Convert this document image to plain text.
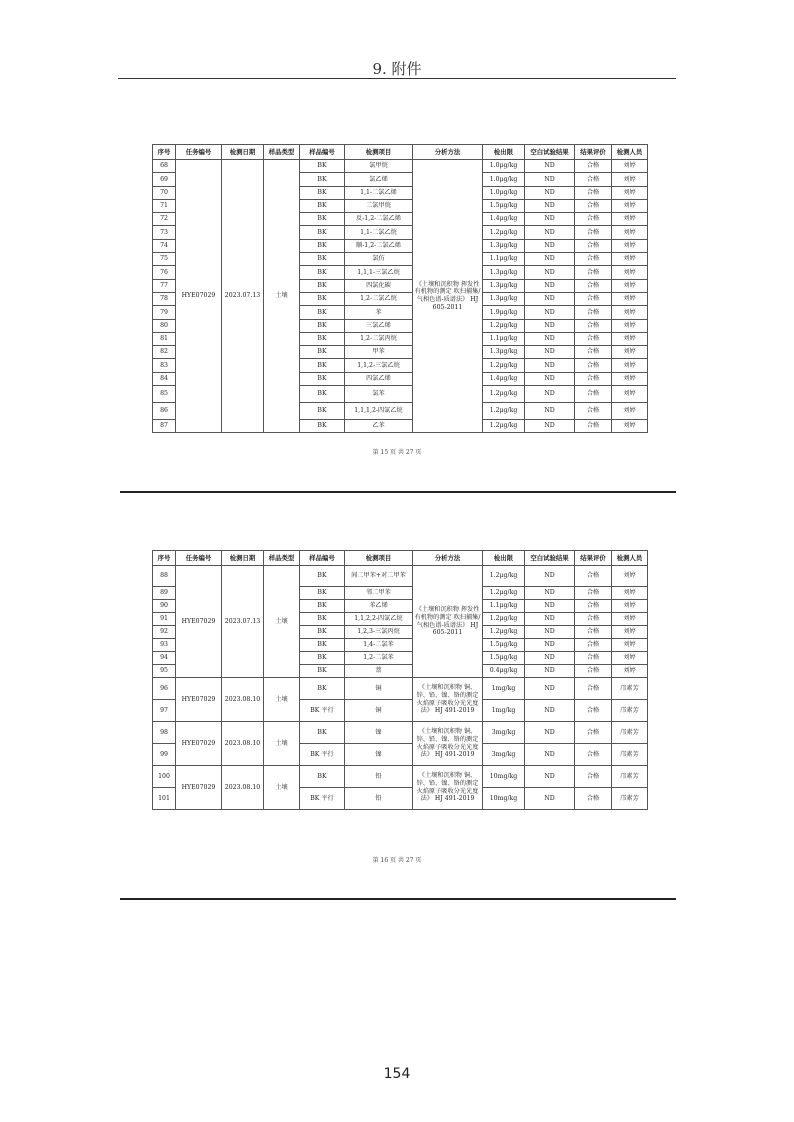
9. 附件
序号	任务编号	检测日期	样品类型	样品编号	检测项目	分析方法	检出限	空白试验结果	结果评价	检测人员
68	HYE07029	2023.07.13	土壤	BK	氯甲烷	《土壤和沉积物 挥发性有机物的测定 吹扫捕集/气相色谱-质谱法》 HJ 605-2011	1.0μg/kg	ND	合格	刘婷
69				BK	氯乙烯		1.0μg/kg	ND	合格	刘婷
70				BK	1,1-二氯乙烯		1.0μg/kg	ND	合格	刘婷
71				BK	二氯甲烷		1.5μg/kg	ND	合格	刘婷
72				BK	反-1,2-二氯乙烯		1.4μg/kg	ND	合格	刘婷
73				BK	1,1-二氯乙烷		1.2μg/kg	ND	合格	刘婷
74				BK	顺-1,2-二氯乙烯		1.3μg/kg	ND	合格	刘婷
75				BK	氯仿		1.1μg/kg	ND	合格	刘婷
76				BK	1,1,1-三氯乙烷		1.3μg/kg	ND	合格	刘婷
77				BK	四氯化碳		1.3μg/kg	ND	合格	刘婷
78				BK	1,2-二氯乙烷		1.3μg/kg	ND	合格	刘婷
79				BK	苯		1.9μg/kg	ND	合格	刘婷
80				BK	三氯乙烯		1.2μg/kg	ND	合格	刘婷
81				BK	1,2-二氯丙烷		1.1μg/kg	ND	合格	刘婷
82				BK	甲苯		1.3μg/kg	ND	合格	刘婷
83				BK	1,1,2-三氯乙烷		1.2μg/kg	ND	合格	刘婷
84				BK	四氯乙烯		1.4μg/kg	ND	合格	刘婷
85				BK	氯苯		1.2μg/kg	ND	合格	刘婷
86				BK	1,1,1,2-四氯乙烷		1.2μg/kg	ND	合格	刘婷
87				BK	乙苯		1.2μg/kg	ND	合格	刘婷
第 15 页 共 27 页
序号	任务编号	检测日期	样品类型	样品编号	检测项目	分析方法	检出限	空白试验结果	结果评价	检测人员
88	HYE07029	2023.07.13	土壤	BK	间二甲苯+对二甲苯	《土壤和沉积物 挥发性有机物的测定 吹扫捕集/气相色谱-质谱法》 HJ 605-2011	1.2μg/kg	ND	合格	刘婷
89				BK	邻二甲苯		1.2μg/kg	ND	合格	刘婷
90				BK	苯乙烯		1.1μg/kg	ND	合格	刘婷
91				BK	1,1,2,2-四氯乙烷		1.2μg/kg	ND	合格	刘婷
92				BK	1,2,3-三氯丙烷		1.2μg/kg	ND	合格	刘婷
93				BK	1,4-二氯苯		1.5μg/kg	ND	合格	刘婷
94				BK	1,2-二氯苯		1.5μg/kg	ND	合格	刘婷
95				BK	萘		0.4μg/kg	ND	合格	刘婷
96	HYE07029	2023.08.10	土壤	BK	铜	《土壤和沉积物 铜、锌、铅、镍、铬的测定 火焰原子吸收分光光度法》 HJ 491-2019	1mg/kg	ND	合格	邝素芳
97				BK 平行	铜		1mg/kg	ND	合格	邝素芳
98	HYE07029	2023.08.10	土壤	BK	镍	《土壤和沉积物 铜、锌、铅、镍、铬的测定 火焰原子吸收分光光度法》 HJ 491-2019	3mg/kg	ND	合格	邝素芳
99				BK 平行	镍		3mg/kg	ND	合格	邝素芳
100	HYE07029	2023.08.10	土壤	BK	铅	《土壤和沉积物 铜、锌、铅、镍、铬的测定 火焰原子吸收分光光度法》 HJ 491-2019	10mg/kg	ND	合格	邝素芳
101				BK 平行	铅		10mg/kg	ND	合格	邝素芳
第 16 页 共 27 页
154
